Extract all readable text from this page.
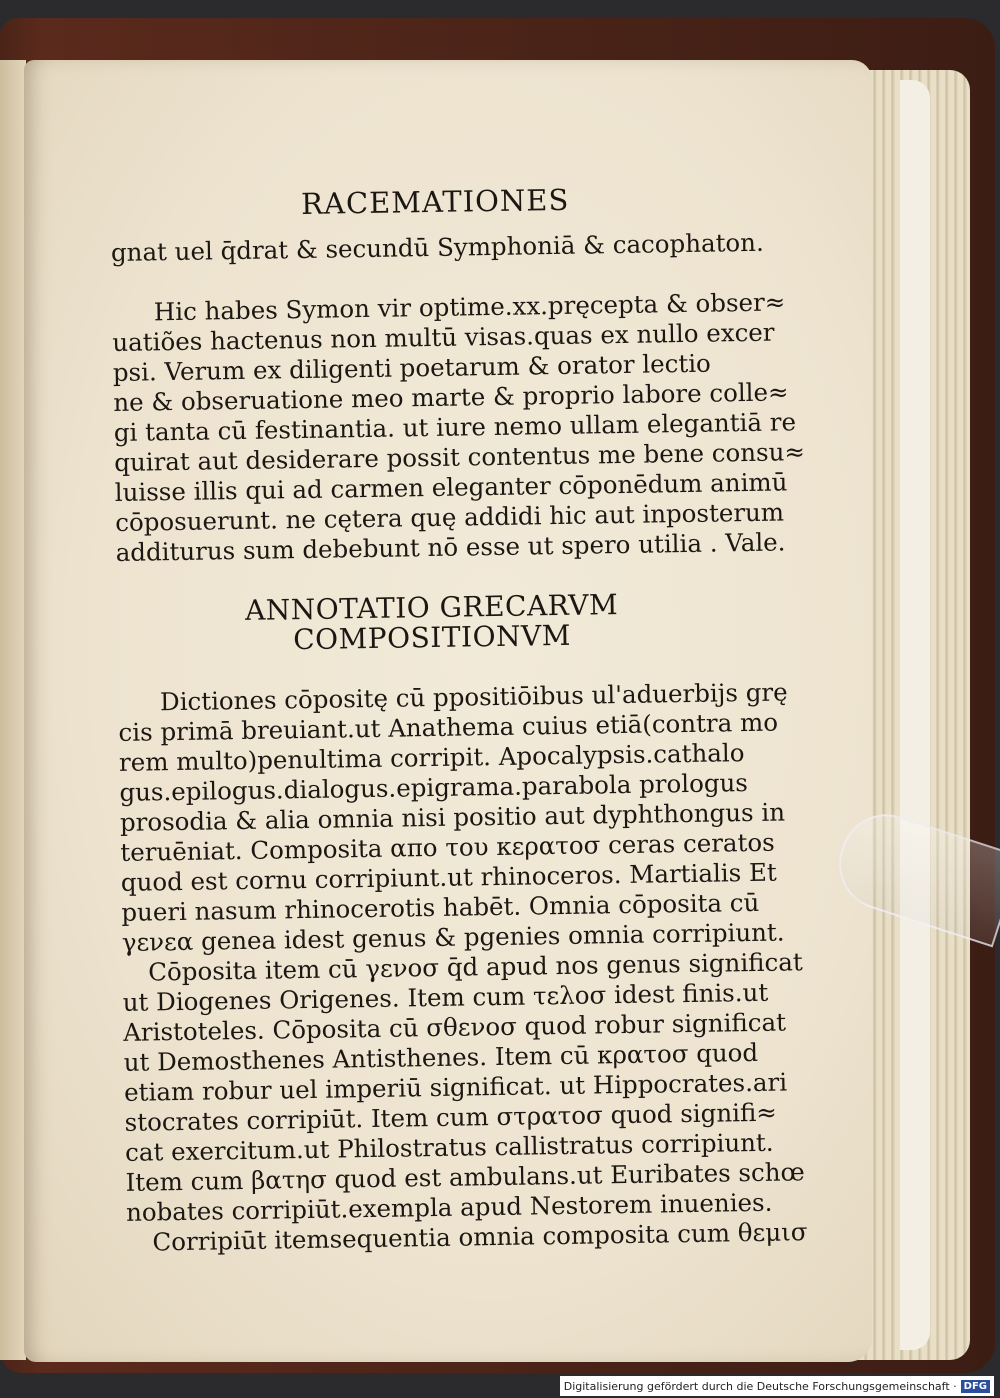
RACEMATIONES

gnat uel q̄drat & secundū Symphoniā & cacophaton.

Hic habes Symon vir optime.xx.pręcepta & obser≈

uatiões hactenus non multū visas.quas ex nullo excer

psi. Verum ex diligenti poetarum & orator lectio

ne & obseruatione meo marte & proprio labore colle≈

gi tanta cū festinantia. ut iure nemo ullam elegantiā re

quirat aut desiderare possit contentus me bene consu≈

luisse illis qui ad carmen eleganter cōponēdum animū

cōposuerunt. ne cętera quę addidi hic aut inposterum

additurus sum debebunt nō esse ut spero utilia . Vale.

ANNOTATIO GRECARVM

COMPOSITIONVM

Dictiones cōpositę cū ppositiōibus ul'aduerbijs grę

cis primā breuiant.ut Anathema cuius etiā(contra mo

rem multo)penultima corripit. Apocalypsis.cathalo

gus.epilogus.dialogus.epigrama.parabola prologus

prosodia & alia omnia nisi positio aut dyphthongus in

teruēniat. Composita απο του κερατοσ ceras ceratos

quod est cornu corripiunt.ut rhinoceros. Martialis Et

pueri nasum rhinocerotis habēt. Omnia cōposita cū

γενεα genea idest genus & pgenies omnia corripiunt.

Cōposita item cū γενοσ q̄d apud nos genus significat

ut Diogenes Origenes. Item cum τελοσ idest finis.ut

Aristoteles. Cōposita cū σθενοσ quod robur significat

ut Demosthenes Antisthenes. Item cū κρατοσ quod

etiam robur uel imperiū significat. ut Hippocrates.ari

stocrates corripiūt. Item cum στρατοσ quod signifi≈

cat exercitum.ut Philostratus callistratus corripiunt.

Item cum βατησ quod est ambulans.ut Euribates schœ

nobates corripiūt.exempla apud Nestorem inuenies.

Corripiūt itemsequentia omnia composita cum θεμισ

Digitalisierung gefördert durch die Deutsche Forschungsgemeinschaft · DFG
